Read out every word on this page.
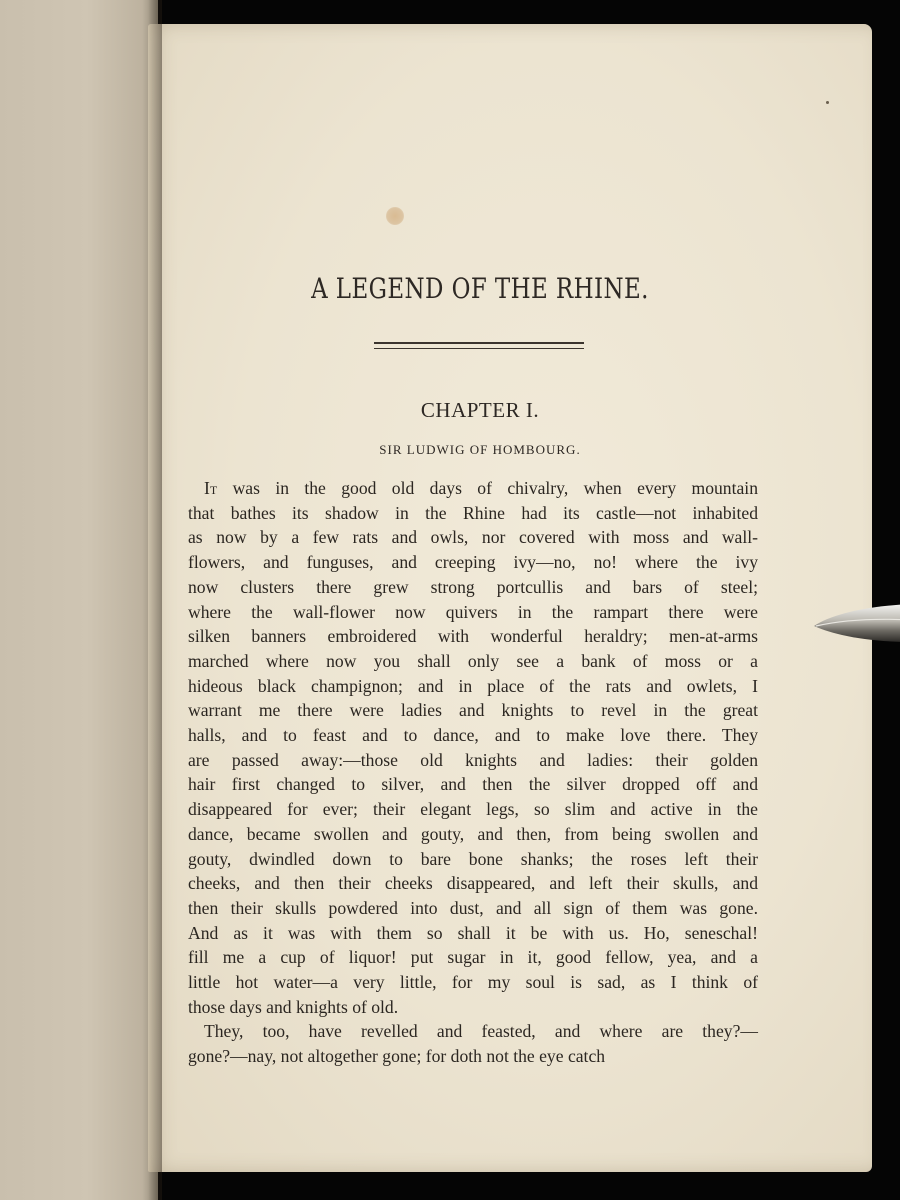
A LEGEND OF THE RHINE.
CHAPTER I.
SIR LUDWIG OF HOMBOURG.
It was in the good old days of chivalry, when every mountain
that bathes its shadow in the Rhine had its castle—not inhabited
as now by a few rats and owls, nor covered with moss and wall-
flowers, and funguses, and creeping ivy—no, no! where the ivy
now clusters there grew strong portcullis and bars of steel;
where the wall-flower now quivers in the rampart there were
silken banners embroidered with wonderful heraldry; men-at-arms
marched where now you shall only see a bank of moss or a
hideous black champignon; and in place of the rats and owlets, I
warrant me there were ladies and knights to revel in the great
halls, and to feast and to dance, and to make love there. They
are passed away:—those old knights and ladies: their golden
hair first changed to silver, and then the silver dropped off and
disappeared for ever; their elegant legs, so slim and active in the
dance, became swollen and gouty, and then, from being swollen and
gouty, dwindled down to bare bone shanks; the roses left their
cheeks, and then their cheeks disappeared, and left their skulls, and
then their skulls powdered into dust, and all sign of them was gone.
And as it was with them so shall it be with us. Ho, seneschal!
fill me a cup of liquor! put sugar in it, good fellow, yea, and a
little hot water—a very little, for my soul is sad, as I think of
those days and knights of old.
They, too, have revelled and feasted, and where are they?—
gone?—nay, not altogether gone; for doth not the eye catch
